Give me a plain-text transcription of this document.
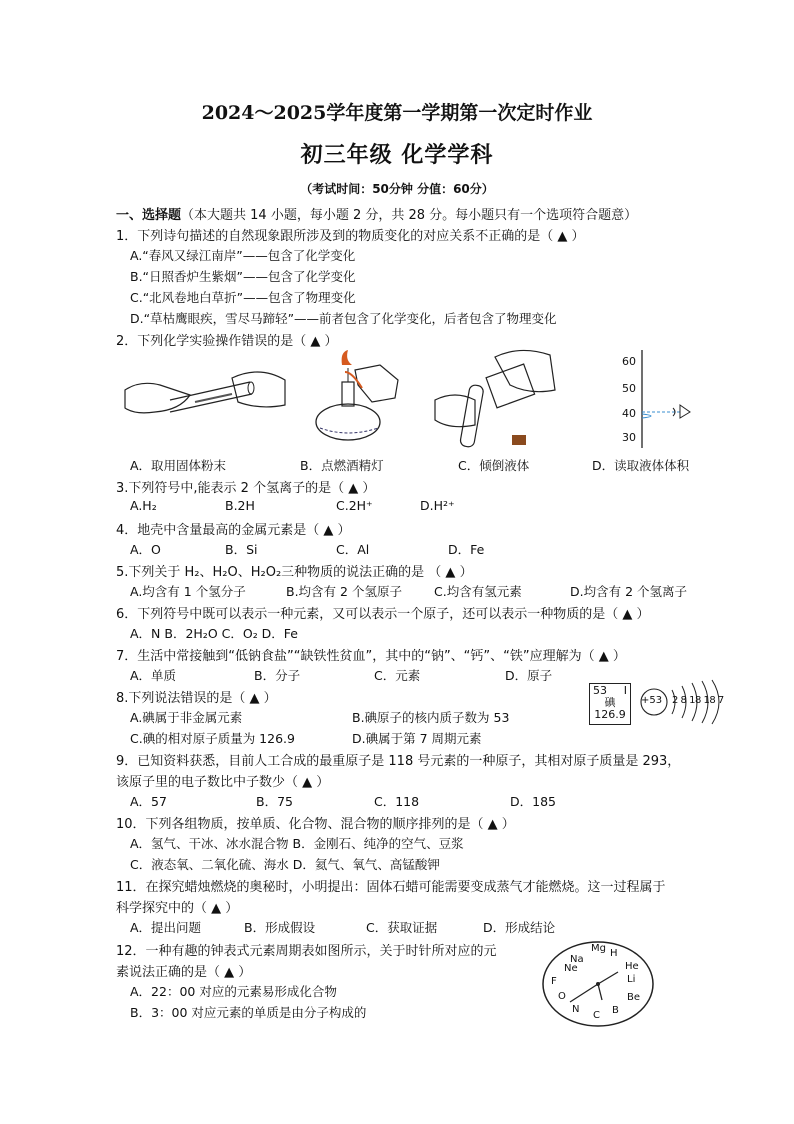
2024～2025学年度第一学期第一次定时作业
初三年级 化学学科
（考试时间：50分钟 分值：60分）
一、选择题（本大题共 14 小题，每小题 2 分，共 28 分。每小题只有一个选项符合题意）
1．下列诗句描述的自然现象跟所涉及到的物质变化的对应关系不正确的是（ ▲ ）
A.“春风又绿江南岸”——包含了化学变化
B.“日照香炉生紫烟”——包含了化学变化
C.“北风卷地白草折”——包含了物理变化
D.“草枯鹰眼疾，雪尽马蹄轻”——前者包含了化学变化，后者包含了物理变化
2．下列化学实验操作错误的是（ ▲ ）
60
50
40
30
A．取用固体粉末	B．点燃酒精灯	C．倾倒液体	D．读取液体体积
3.下列符号中,能表示 2 个氢离子的是（ ▲ ）
A.H₂	B.2H	C.2H⁺	D.H²⁺
4．地壳中含量最高的金属元素是（ ▲ ）
A．O	B．Si	C．Al	D．Fe
5.下列关于 H₂、H₂O、H₂O₂三种物质的说法正确的是 （ ▲ ）
A.均含有 1 个氢分子	B.均含有 2 个氢原子	C.均含有氢元素	D.均含有 2 个氢离子
6．下列符号中既可以表示一种元素，又可以表示一个原子，还可以表示一种物质的是（ ▲ ）
A．N B．2H₂O C．O₂ D．Fe
7．生活中常接触到“低钠食盐”“缺铁性贫血”，其中的“钠”、“钙”、“铁”应理解为（ ▲ ）
A．单质	B．分子	C．元素	D．原子
8.下列说法错误的是（ ▲ ）
A.碘属于非金属元素	B.碘原子的核内质子数为 53
C.碘的相对原子质量为 126.9	D.碘属于第 7 周期元素
53 I
碘
126.9
+53 2 8 18 18 7
9．已知资料获悉，目前人工合成的最重原子是 118 号元素的一种原子，其相对原子质量是 293，
该原子里的电子数比中子数少（ ▲ ）
A．57	B．75	C．118	D．185
10．下列各组物质，按单质、化合物、混合物的顺序排列的是（ ▲ ）
A．氢气、干冰、冰水混合物 B．金刚石、纯净的空气、豆浆
C．液态氧、二氧化硫、海水 D．氦气、氧气、高锰酸钾
11．在探究蜡烛燃烧的奥秘时，小明提出：固体石蜡可能需要变成蒸气才能燃烧。这一过程属于
科学探究中的（ ▲ ）
A．提出问题	B．形成假设	C．获取证据	D．形成结论
12．一种有趣的钟表式元素周期表如图所示，关于时针所对应的元
素说法正确的是（ ▲ ）
A．22：00 对应的元素易形成化合物
B．3：00 对应元素的单质是由分子构成的
Mg
Na
Ne
F
O
N
C B
Be
Li
He
H
